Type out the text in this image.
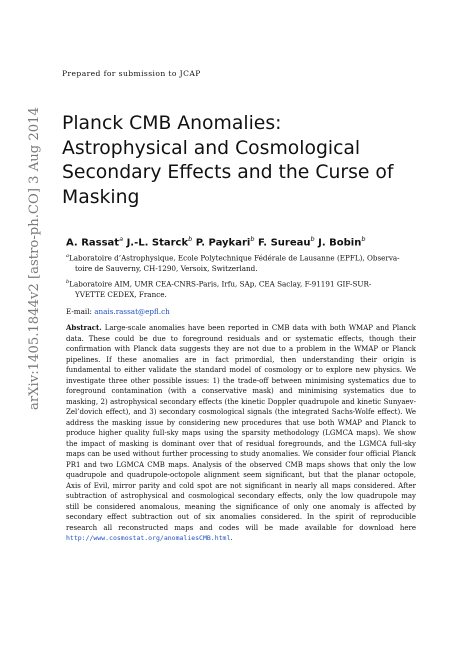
arXiv:1405.1844v2 [astro-ph.CO] 3 Aug 2014
Prepared for submission to JCAP
Planck CMB Anomalies:
Astrophysical and Cosmological
Secondary Effects and the Curse of
Masking
A. Rassat$^a$ J.-L. Starck$^b$ P. Paykari$^b$ F. Sureau$^b$ J. Bobin$^b$
$^a$Laboratoire d’Astrophysique, Ecole Polytechnique Fédérale de Lausanne (EPFL), Observa-
toire de Sauverny, CH-1290, Versoix, Switzerland.
$^b$Laboratoire AIM, UMR CEA-CNRS-Paris, Irfu, SAp, CEA Saclay, F-91191 GIF-SUR-
YVETTE CEDEX, France.
E-mail: anais.rassat@epfl.ch
Abstract. Large-scale anomalies have been reported in CMB data with both WMAP and Planck data. These could be due to foreground residuals and or systematic effects, though their confirmation with Planck data suggests they are not due to a problem in the WMAP or Planck pipelines. If these anomalies are in fact primordial, then understanding their origin is fundamental to either validate the standard model of cosmology or to explore new physics. We investigate three other possible issues: 1) the trade-off between minimising systematics due to foreground contamination (with a conservative mask) and minimising systematics due to masking, 2) astrophysical secondary effects (the kinetic Doppler quadrupole and kinetic Sunyaev-Zel’dovich effect), and 3) secondary cosmological signals (the integrated Sachs-Wolfe effect). We address the masking issue by considering new procedures that use both WMAP and Planck to produce higher quality full-sky maps using the sparsity methodology (LGMCA maps). We show the impact of masking is dominant over that of residual foregrounds, and the LGMCA full-sky maps can be used without further processing to study anomalies. We consider four official Planck PR1 and two LGMCA CMB maps. Analysis of the observed CMB maps shows that only the low quadrupole and quadrupole-octopole alignment seem significant, but that the planar octopole, Axis of Evil, mirror parity and cold spot are not significant in nearly all maps considered. After subtraction of astrophysical and cosmological secondary effects, only the low quadrupole may still be considered anomalous, meaning the significance of only one anomaly is affected by secondary effect subtraction out of six anomalies considered. In the spirit of reproducible research all reconstructed maps and codes will be made available for download here http://www.cosmostat.org/anomaliesCMB.html.
